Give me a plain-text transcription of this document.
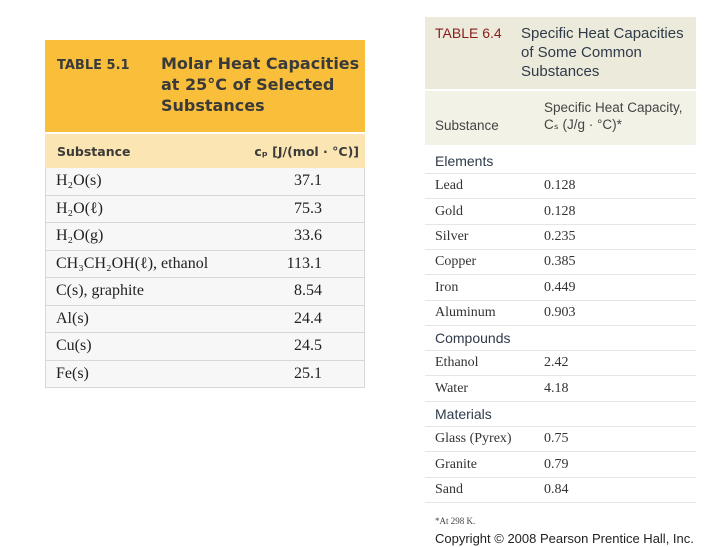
TABLE 5.1 Molar Heat Capacities at 25°C of Selected Substances
Substance	cₚ [J/(mol · °C)]
H₂O(s)	37.1
H₂O(ℓ)	75.3
H₂O(g)	33.6
CH₃CH₂OH(ℓ), ethanol	113.1
C(s), graphite	8.54
Al(s)	24.4
Cu(s)	24.5
Fe(s)	25.1
TABLE 6.4 Specific Heat Capacities of Some Common Substances
Substance
Specific Heat Capacity, Cₛ (J/g · °C)*
Elements
Lead	0.128
Gold	0.128
Silver	0.235
Copper	0.385
Iron	0.449
Aluminum	0.903
Compounds
Ethanol	2.42
Water	4.18
Materials
Glass (Pyrex) 0.75
Granite	0.79
Sand	0.84
*At 298 K.
Copyright © 2008 Pearson Prentice Hall, Inc.
